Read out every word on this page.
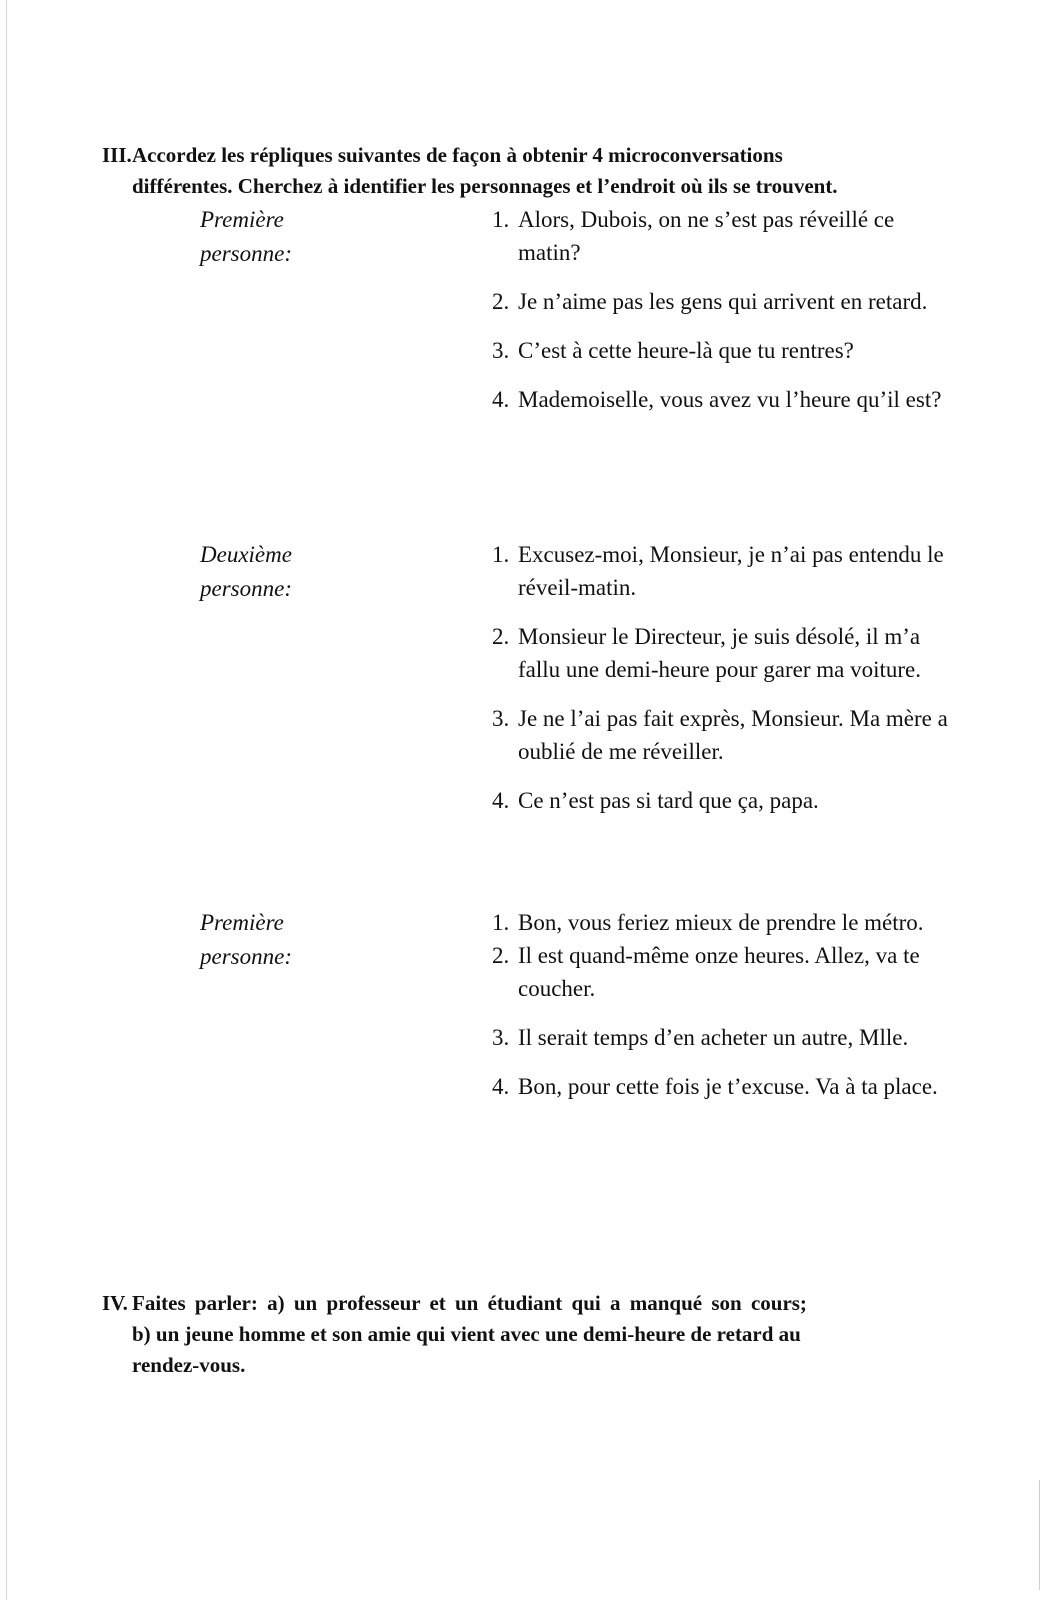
III.Accordez les répliques suivantes de façon à obtenir 4 microconversations
différentes. Cherchez à identifier les personnages et l’endroit où ils se trouvent.
Première
personne:
1. Alors, Dubois, on ne s’est pas réveillé ce matin?
2. Je n’aime pas les gens qui arrivent en retard.
3. C’est à cette heure-là que tu rentres?
4. Mademoiselle, vous avez vu l’heure qu’il est?
Deuxième
personne:
1. Excusez-moi, Monsieur, je n’ai pas entendu le réveil-matin.
2. Monsieur le Directeur, je suis désolé, il m’a fallu une demi-heure pour garer ma voiture.
3. Je ne l’ai pas fait exprès, Monsieur. Ma mère a oublié de me réveiller.
4. Ce n’est pas si tard que ça, papa.
Première
personne:
1. Bon, vous feriez mieux de prendre le métro.
2. Il est quand-même onze heures. Allez, va te coucher.
3. Il serait temps d’en acheter un autre, Mlle.
4. Bon, pour cette fois je t’excuse. Va à ta place.
IV. Faites parler: a) un professeur et un étudiant qui a manqué son cours;
b) un jeune homme et son amie qui vient avec une demi-heure de retard au
rendez-vous.
